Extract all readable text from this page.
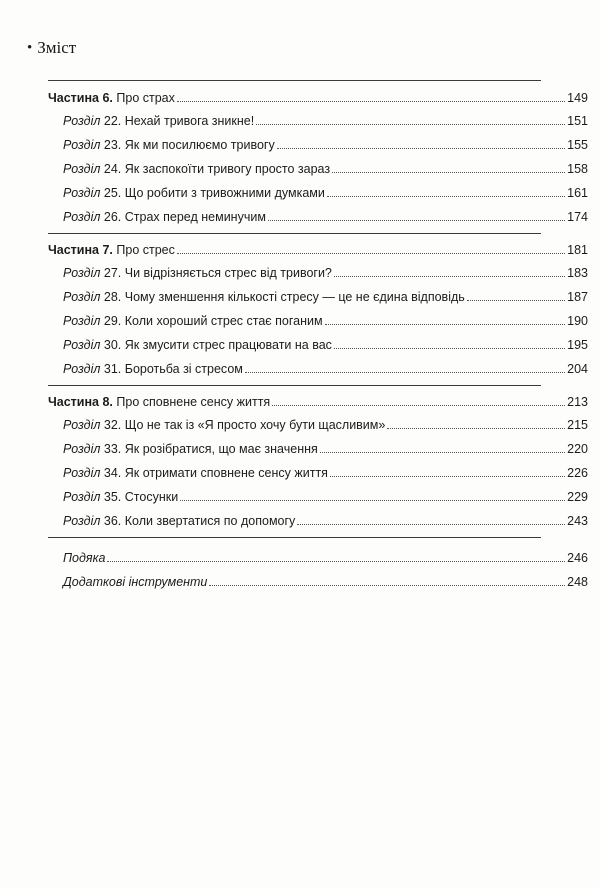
• Зміст
Частина 6. Про страх	149
Розділ 22. Нехай тривога зникне!	151
Розділ 23. Як ми посилюємо тривогу	155
Розділ 24. Як заспокоїти тривогу просто зараз	158
Розділ 25. Що робити з тривожними думками	161
Розділ 26. Страх перед неминучим	174
Частина 7. Про стрес	181
Розділ 27. Чи відрізняється стрес від тривоги?	183
Розділ 28. Чому зменшення кількості стресу — це не єдина відповідь	187
Розділ 29. Коли хороший стрес стає поганим	190
Розділ 30. Як змусити стрес працювати на вас	195
Розділ 31. Боротьба зі стресом	204
Частина 8. Про сповнене сенсу життя	213
Розділ 32. Що не так із «Я просто хочу бути щасливим»	215
Розділ 33. Як розібратися, що має значення	220
Розділ 34. Як отримати сповнене сенсу життя	226
Розділ 35. Стосунки	229
Розділ 36. Коли звертатися по допомогу	243
Подяка	246
Додаткові інструменти	248
